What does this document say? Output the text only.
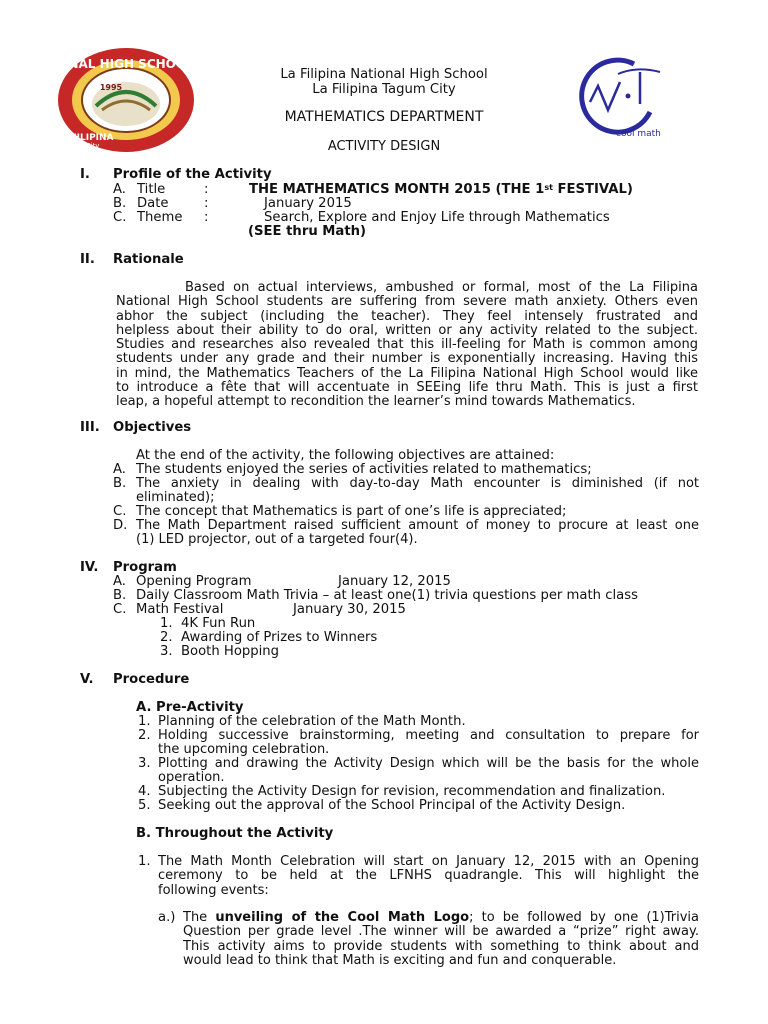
ONAL HIGH SCHOOL
1995
FILIPINA
m City
cool math
La Filipina National High School
La Filipina Tagum City
MATHEMATICS DEPARTMENT
ACTIVITY DESIGN
I. Profile of the Activity
A. Title	:	THE MATHEMATICS MONTH 2015 (THE 1st FESTIVAL)
B. Date	:	January 2015
C. Theme :	Search, Explore and Enjoy Life through Mathematics
(SEE thru Math)
II. Rationale
Based on actual interviews, ambushed or formal, most of the La Filipina
National High School students are suffering from severe math anxiety. Others even
abhor the subject (including the teacher). They feel intensely frustrated and
helpless about their ability to do oral, written or any activity related to the subject.
Studies and researches also revealed that this ill-feeling for Math is common among
students under any grade and their number is exponentially increasing. Having this
in mind, the Mathematics Teachers of the La Filipina National High School would like
to introduce a fête that will accentuate in SEEing life thru Math. This is just a first
leap, a hopeful attempt to recondition the learner’s mind towards Mathematics.
III. Objectives
At the end of the activity, the following objectives are attained:
A. The students enjoyed the series of activities related to mathematics;
B. The anxiety in dealing with day-to-day Math encounter is diminished (if not
eliminated);
C. The concept that Mathematics is part of one’s life is appreciated;
D. The Math Department raised sufficient amount of money to procure at least one
(1) LED projector, out of a targeted four(4).
IV. Program
A. Opening Program	January 12, 2015
B. Daily Classroom Math Trivia – at least one(1) trivia questions per math class
C. Math Festival	January 30, 2015
1. 4K Fun Run
2. Awarding of Prizes to Winners
3. Booth Hopping
V. Procedure
A. Pre-Activity
1. Planning of the celebration of the Math Month.
2. Holding successive brainstorming, meeting and consultation to prepare for
the upcoming celebration.
3. Plotting and drawing the Activity Design which will be the basis for the whole
operation.
4. Subjecting the Activity Design for revision, recommendation and finalization.
5. Seeking out the approval of the School Principal of the Activity Design.
B. Throughout the Activity
1. The Math Month Celebration will start on January 12, 2015 with an Opening
ceremony to be held at the LFNHS quadrangle. This will highlight the
following events:
a.) The unveiling of the Cool Math Logo; to be followed by one (1)Trivia
Question per grade level .The winner will be awarded a “prize” right away.
This activity aims to provide students with something to think about and
would lead to think that Math is exciting and fun and conquerable.
